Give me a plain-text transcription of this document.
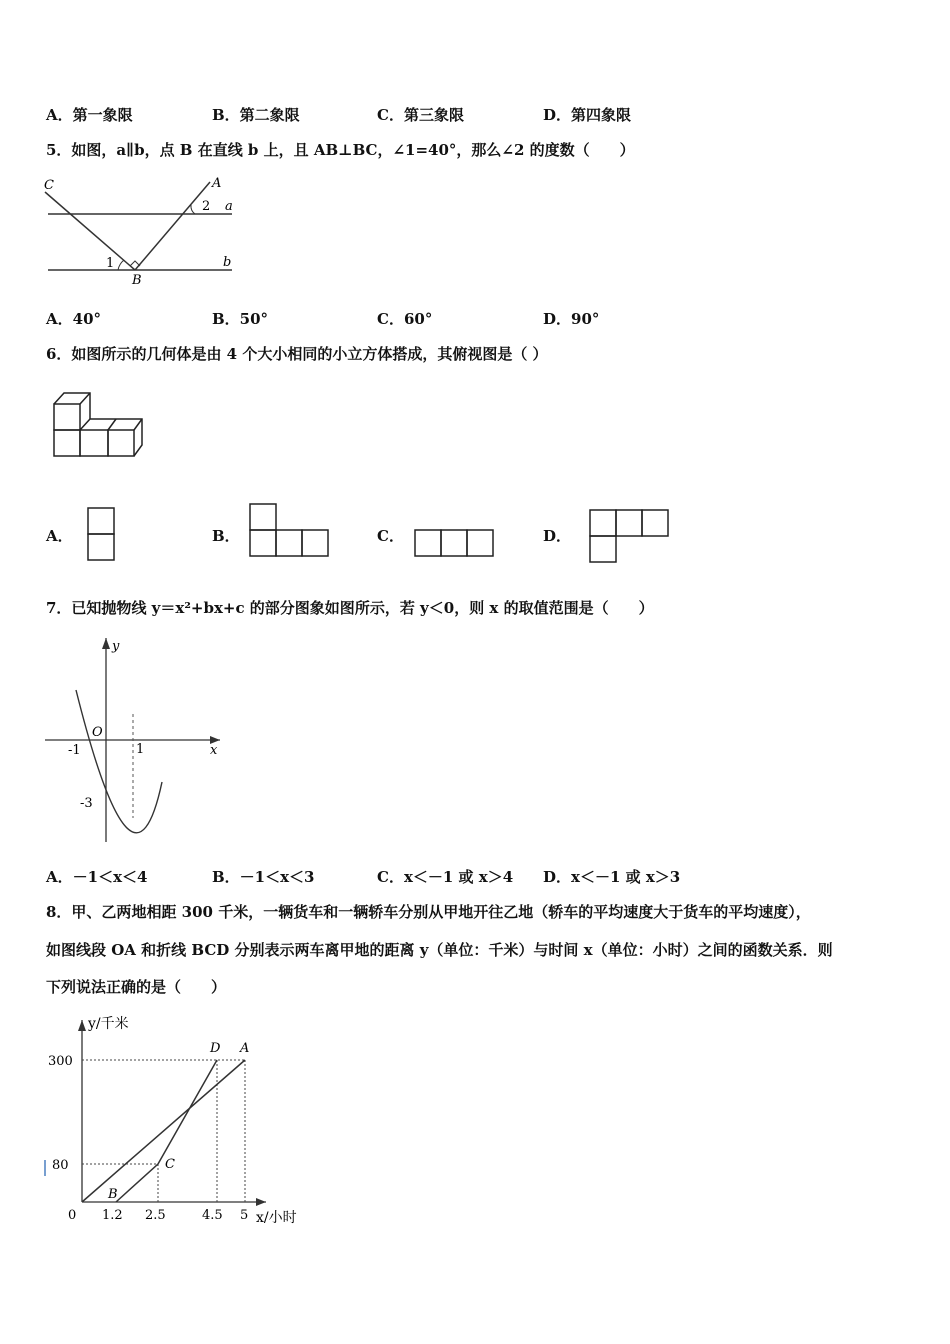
A．第一象限	B．第二象限	C．第三象限	D．第四象限
5．如图，a∥b，点 B 在直线 b 上，且 AB⊥BC，∠1=40°，那么∠2 的度数（　　）
C	A
2 a
1
B
b
A．40°	B．50°	C．60°	D．90°
6．如图所示的几何体是由 4 个大小相同的小立方体搭成，其俯视图是（ ）
A．	B．	C．	D．
7．已知抛物线 y＝x²+bx+c 的部分图象如图所示，若 y＜0，则 x 的取值范围是（　　）
y
x
O
-1	1
-3
A．－1＜x＜4	B．－1＜x＜3	C．x＜－1 或 x＞4 D．x＜－1 或 x＞3
8．甲、乙两地相距 300 千米，一辆货车和一辆轿车分别从甲地开往乙地（轿车的平均速度大于货车的平均速度），
如图线段 OA 和折线 BCD 分别表示两车离甲地的距离 y（单位：千米）与时间 x（单位：小时）之间的函数关系．则
下列说法正确的是（　　）
y/千米
x/小时
300
80
0 1.2 2.5	4.5 5
D A
C
B
